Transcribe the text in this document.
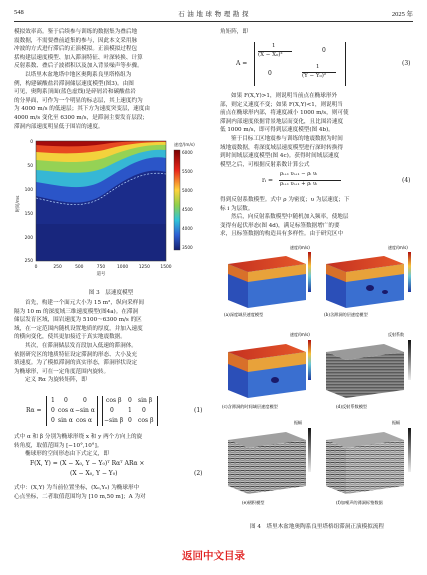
548	石 油 地 球 物 理 勘 探	2025 年

模拟效率高。鉴于后续参与训练的数据集为叠后地

震数据，不需要叠前道集的参与，因此本文采用脉

冲波的方式进行滞后的正演模拟。正演模拟过程包

括构建层速度模型、加入滞洞特征、叶深转换、计算

反射系数、叠后子波褶积以及加入背景噪声等步骤。

以塔里木盆地塔中地区奥陶系良里塔格组为

例，构建碳酸盐岩滞洞储层速度模型(图3)。由图

可见，奥陶系顶面(蓝色虚线)是碎屑岩和碳酸盐岩

的分界面，可作为一个明显的标志层，其上速度约为

为 4000 m/s 的低速层；其下方为速度突变层，速度由

4000 m/s 变化至 6300 m/s，是滞洞主要发育层段；

滞洞内部速度明显低于围岩的速度。

0
50
100
150
200
250
时间/ms
0	250	500	750	1000 1250 1500
道号
速度/(m/s)
6000
5500
5000
4500
4000
3500
图 3　层速度模型

首先，构建一个面元大小为 15 m²，纵向采样间

隔为 10 m 的深度域三维速度模型(图4a)。在滞洞

储层发育区域，围岩速度为 5100～6300 m/s 的区

域，在一定范围内随机设置地质的厚度，并加入速度

的横向变化，使其更加接近于真实地震数据。

其次，在滞洞储层发育段加入低速的滞洞体。

依据研究区的地质特征设定滞洞的形态、大小及充

填速度。为了模拟滞洞的真实形态，滞洞形状设定

为椭球形，可在一定角度范围内旋转。

定义 Rα 为旋转矩阵，即

Rα =
1 0	0
0 cos α −sin α
0 sin α cos α
cos β 0 sin β
0 1 0
−sin β 0 cos β
(1)

式中 α 和 β 分别为椭球形绕 x 和 y 两个方向上的旋

转角度，取值范围为 [−10°,10°]。

椭球形的空间形态由下式定义，即

F(X, Y) = (X − X₀, Y − Y₀)ᵀ Rαᵀ ARα ×
(X − X₀, Y − Y₀)	(2)

式中：(X,Y) 为当前位置坐标，(X₀,Y₀) 为椭球形中

心点坐标，二者取值范围均为 [10 m,50 m]；A 为对

角矩阵，即

A =
1
(X − X₀)²
0
0
1
(Y − Y₀)²
(3)

如果 F(X,Y)>1，则说明当前点在椭球形外

部，则定义速度不变；如果 F(X,Y)<1，则说明当

前点在椭球形内部，将速度减小 1000 m/s，则可使

滞洞内部速度依据背景地层而变化，且比围岩速度

低 1000 m/s，即可得到层速度模型(图 4b)。

鉴于目标工区地震参与训练的地震数据为时间

域地震数据，将深度域层速度模型进行深时转换得

到时间域层速度模型(图 4c)。获得时间域层速度

模型之后，可根据反射系数计算公式

rᵢ =
ρᵢ₊₁ υᵢ₊₁ − ρᵢ υᵢ
ρᵢ₊₁ υᵢ₊₁ + ρᵢ υᵢ	(4)

得到反射系数模型。式中 ρ 为密度；υ 为层速度；下

标 i 为层数。

然后，向反射系数模型中随机加入频率，使地层

变得有起伏形态(图 4d)，满足标签数据增广的要

求，且标签数据的构造具有多样性。由于研究区中

速度/(m/s)
(a)深度域层速度模型
速度/(m/s)
(b)含滞洞的层速度模型
速度/(m/s)
(c)含滞洞的时间域层速度模型
反射系数
(d)反射系数模型
振幅
(e)褶积模型
振幅
(f)加噪声的滞洞标签数据
图 4　塔里木盆地奥陶系良里塔格组滞洞正演模拟流程
返回中文目录
